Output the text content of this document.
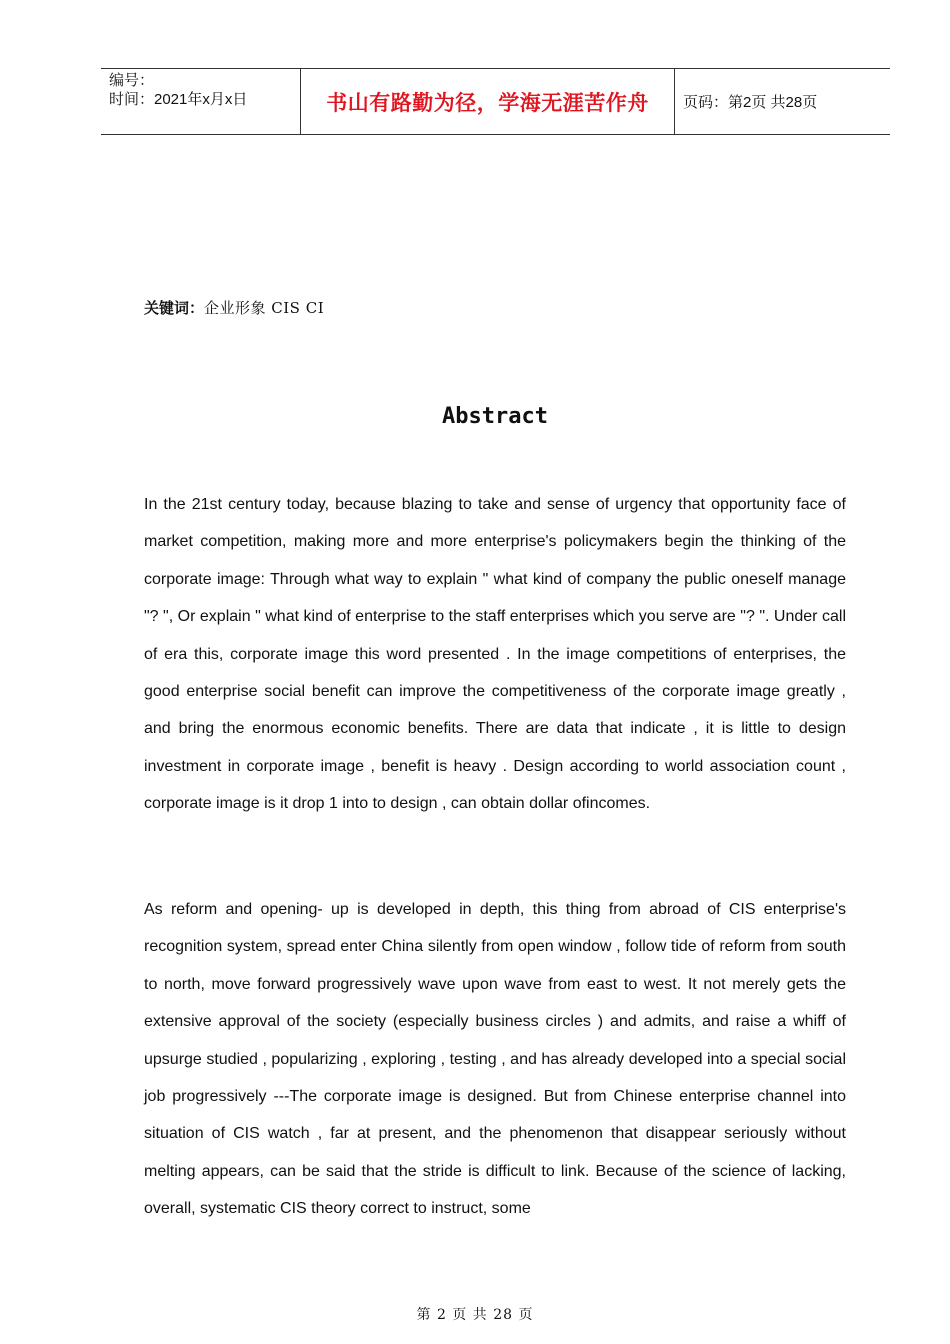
编号：
时间：2021年x月x日	书山有路勤为径，学海无涯苦作舟	页码：第2页 共28页
关键词：企业形象 CIS CI
Abstract

In the 21st century today, because blazing to take and sense of urgency that opportunity face of market competition, making more and more enterprise's policymakers begin the thinking of the corporate image: Through what way to explain " what kind of company the public oneself manage "? ", Or explain " what kind of enterprise to the staff enterprises which you serve are "? ". Under call of era this, corporate image this word presented . In the image competitions of enterprises, the good enterprise social benefit can improve the competitiveness of the corporate image greatly , and bring the enormous economic benefits. There are data that indicate , it is little to design investment in corporate image , benefit is heavy . Design according to world association count , corporate image is it drop 1 into to design , can obtain dollar ofincomes.

As reform and opening- up is developed in depth, this thing from abroad of CIS enterprise's recognition system, spread enter China silently from open window , follow tide of reform from south to north, move forward progressively wave upon wave from east to west. It not merely gets the extensive approval of the society (especially business circles ) and admits, and raise a whiff of upsurge studied , popularizing , exploring , testing , and has already developed into a special social job progressively ---The corporate image is designed. But from Chinese enterprise channel into situation of CIS watch , far at present, and the phenomenon that disappear seriously without melting appears, can be said that the stride is difficult to link. Because of the science of lacking, overall, systematic CIS theory correct to instruct, some

第 2 页 共 28 页
